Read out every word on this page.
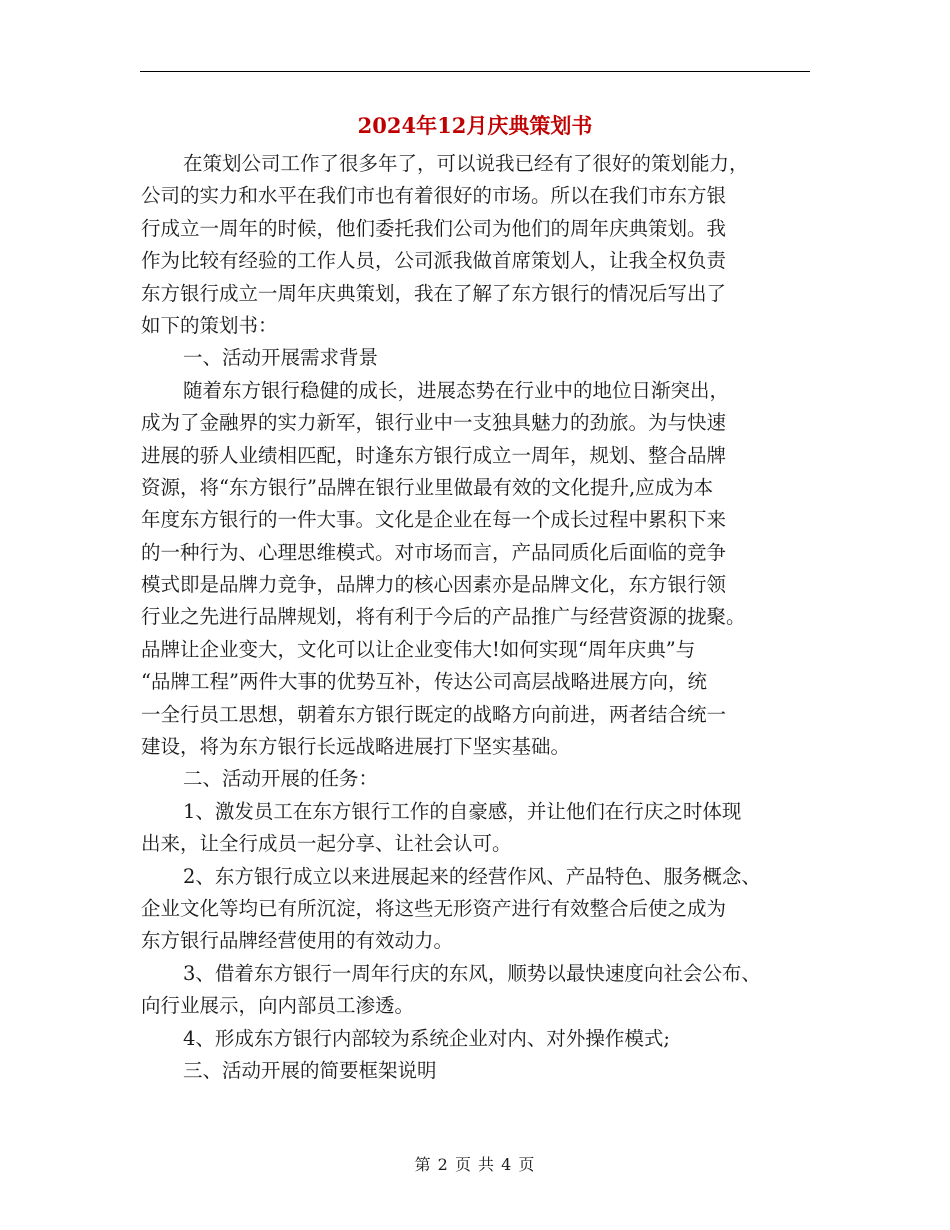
2024年12月庆典策划书
在策划公司工作了很多年了，可以说我已经有了很好的策划能力，
公司的实力和水平在我们市也有着很好的市场。所以在我们市东方银
行成立一周年的时候，他们委托我们公司为他们的周年庆典策划。我
作为比较有经验的工作人员，公司派我做首席策划人，让我全权负责
东方银行成立一周年庆典策划，我在了解了东方银行的情况后写出了
如下的策划书：
一、活动开展需求背景
随着东方银行稳健的成长，进展态势在行业中的地位日渐突出，
成为了金融界的实力新军，银行业中一支独具魅力的劲旅。为与快速
进展的骄人业绩相匹配，时逢东方银行成立一周年，规划、整合品牌
资源，将“东方银行”品牌在银行业里做最有效的文化提升,应成为本
年度东方银行的一件大事。文化是企业在每一个成长过程中累积下来
的一种行为、心理思维模式。对市场而言，产品同质化后面临的竞争
模式即是品牌力竞争，品牌力的核心因素亦是品牌文化，东方银行领
行业之先进行品牌规划，将有利于今后的产品推广与经营资源的拢聚。
品牌让企业变大，文化可以让企业变伟大!如何实现“周年庆典”与
“品牌工程”两件大事的优势互补，传达公司高层战略进展方向，统
一全行员工思想，朝着东方银行既定的战略方向前进，两者结合统一
建设，将为东方银行长远战略进展打下坚实基础。
二、活动开展的任务：
1、激发员工在东方银行工作的自豪感，并让他们在行庆之时体现
出来，让全行成员一起分享、让社会认可。
2、东方银行成立以来进展起来的经营作风、产品特色、服务概念、
企业文化等均已有所沉淀，将这些无形资产进行有效整合后使之成为
东方银行品牌经营使用的有效动力。
3、借着东方银行一周年行庆的东风，顺势以最快速度向社会公布、
向行业展示，向内部员工渗透。
4、形成东方银行内部较为系统企业对内、对外操作模式;
三、活动开展的简要框架说明
第 2 页 共 4 页
